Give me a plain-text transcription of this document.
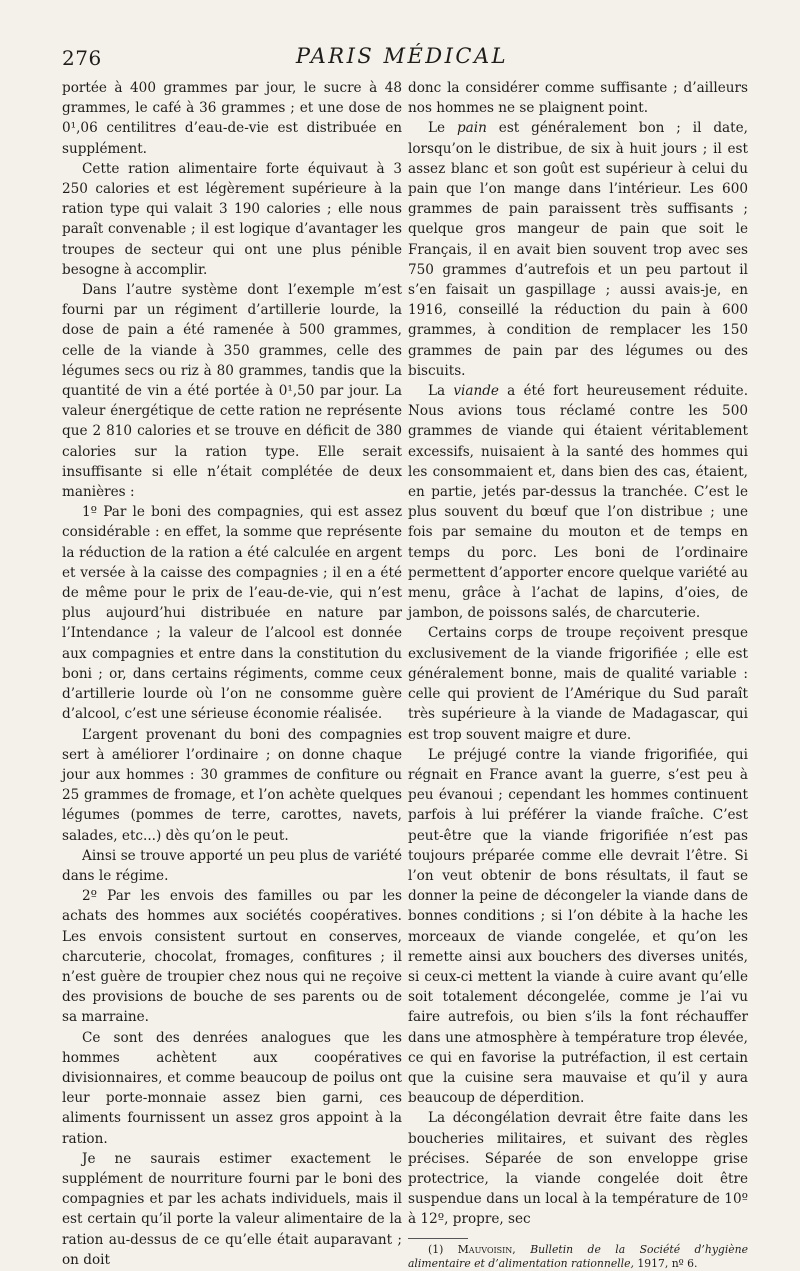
276	PARIS MÉDICAL

portée à 400 grammes par jour, le sucre à 48 grammes, le café à 36 grammes ; et une dose de 0¹,06 centilitres d’eau-de-vie est distribuée en supplément.

Cette ration alimentaire forte équivaut à 3 250 calories et est légèrement supérieure à la ration type qui valait 3 190 calories ; elle nous paraît convenable ; il est logique d’avantager les troupes de secteur qui ont une plus pénible besogne à accomplir.

Dans l’autre système dont l’exemple m’est fourni par un régiment d’artillerie lourde, la dose de pain a été ramenée à 500 grammes, celle de la viande à 350 grammes, celle des légumes secs ou riz à 80 grammes, tandis que la quantité de vin a été portée à 0¹,50 par jour. La valeur énergétique de cette ration ne représente que 2 810 calories et se trouve en déficit de 380 calories sur la ration type. Elle serait insuffisante si elle n’était complétée de deux manières :

1º Par le boni des compagnies, qui est assez considérable : en effet, la somme que représente la réduction de la ration a été calculée en argent et versée à la caisse des compagnies ; il en a été de même pour le prix de l’eau-de-vie, qui n’est plus aujourd’hui distribuée en nature par l’Intendance ; la valeur de l’alcool est donnée aux compagnies et entre dans la constitution du boni ; or, dans certains régiments, comme ceux d’artillerie lourde où l’on ne consomme guère d’alcool, c’est une sérieuse économie réalisée.

L’argent provenant du boni des compagnies sert à améliorer l’ordinaire ; on donne chaque jour aux hommes : 30 grammes de confiture ou 25 grammes de fromage, et l’on achète quelques légumes (pommes de terre, carottes, navets, salades, etc...) dès qu’on le peut.

Ainsi se trouve apporté un peu plus de variété dans le régime.

2º Par les envois des familles ou par les achats des hommes aux sociétés coopératives. Les envois consistent surtout en conserves, charcuterie, chocolat, fromages, confitures ; il n’est guère de troupier chez nous qui ne reçoive des provisions de bouche de ses parents ou de sa marraine.

Ce sont des denrées analogues que les hommes achètent aux coopératives divisionnaires, et comme beaucoup de poilus ont leur porte-monnaie assez bien garni, ces aliments fournissent un assez gros appoint à la ration.

Je ne saurais estimer exactement le supplément de nourriture fourni par le boni des compagnies et par les achats individuels, mais il est certain qu’il porte la valeur alimentaire de la ration au-dessus de ce qu’elle était auparavant ; on doit

donc la considérer comme suffisante ; d’ailleurs nos hommes ne se plaignent point.

Le pain est généralement bon ; il date, lorsqu’on le distribue, de six à huit jours ; il est assez blanc et son goût est supérieur à celui du pain que l’on mange dans l’intérieur. Les 600 grammes de pain paraissent très suffisants ; quelque gros mangeur de pain que soit le Français, il en avait bien souvent trop avec ses 750 grammes d’autrefois et un peu partout il s’en faisait un gaspillage ; aussi avais-je, en 1916, conseillé la réduction du pain à 600 grammes, à condition de remplacer les 150 grammes de pain par des légumes ou des biscuits.

La viande a été fort heureusement réduite. Nous avions tous réclamé contre les 500 grammes de viande qui étaient véritablement excessifs, nuisaient à la santé des hommes qui les consommaient et, dans bien des cas, étaient, en partie, jetés par-dessus la tranchée. C’est le plus souvent du bœuf que l’on distribue ; une fois par semaine du mouton et de temps en temps du porc. Les boni de l’ordinaire permettent d’apporter encore quelque variété au menu, grâce à l’achat de lapins, d’oies, de jambon, de poissons salés, de charcuterie.

Certains corps de troupe reçoivent presque exclusivement de la viande frigorifiée ; elle est généralement bonne, mais de qualité variable : celle qui provient de l’Amérique du Sud paraît très supérieure à la viande de Madagascar, qui est trop souvent maigre et dure.

Le préjugé contre la viande frigorifiée, qui régnait en France avant la guerre, s’est peu à peu évanoui ; cependant les hommes continuent parfois à lui préférer la viande fraîche. C’est peut-être que la viande frigorifiée n’est pas toujours préparée comme elle devrait l’être. Si l’on veut obtenir de bons résultats, il faut se donner la peine de décongeler la viande dans de bonnes conditions ; si l’on débite à la hache les morceaux de viande congelée, et qu’on les remette ainsi aux bouchers des diverses unités, si ceux-ci mettent la viande à cuire avant qu’elle soit totalement décongelée, comme je l’ai vu faire autrefois, ou bien s’ils la font réchauffer dans une atmosphère à température trop élevée, ce qui en favorise la putréfaction, il est certain que la cuisine sera mauvaise et qu’il y aura beaucoup de déperdition.

La décongélation devrait être faite dans les boucheries militaires, et suivant des règles précises. Séparée de son enveloppe grise protectrice, la viande congelée doit être suspendue dans un local à la température de 10º à 12º, propre, sec

(1) Mauvoisin, Bulletin de la Société d’hygiène alimentaire et d’alimentation rationnelle, 1917, nº 6.
